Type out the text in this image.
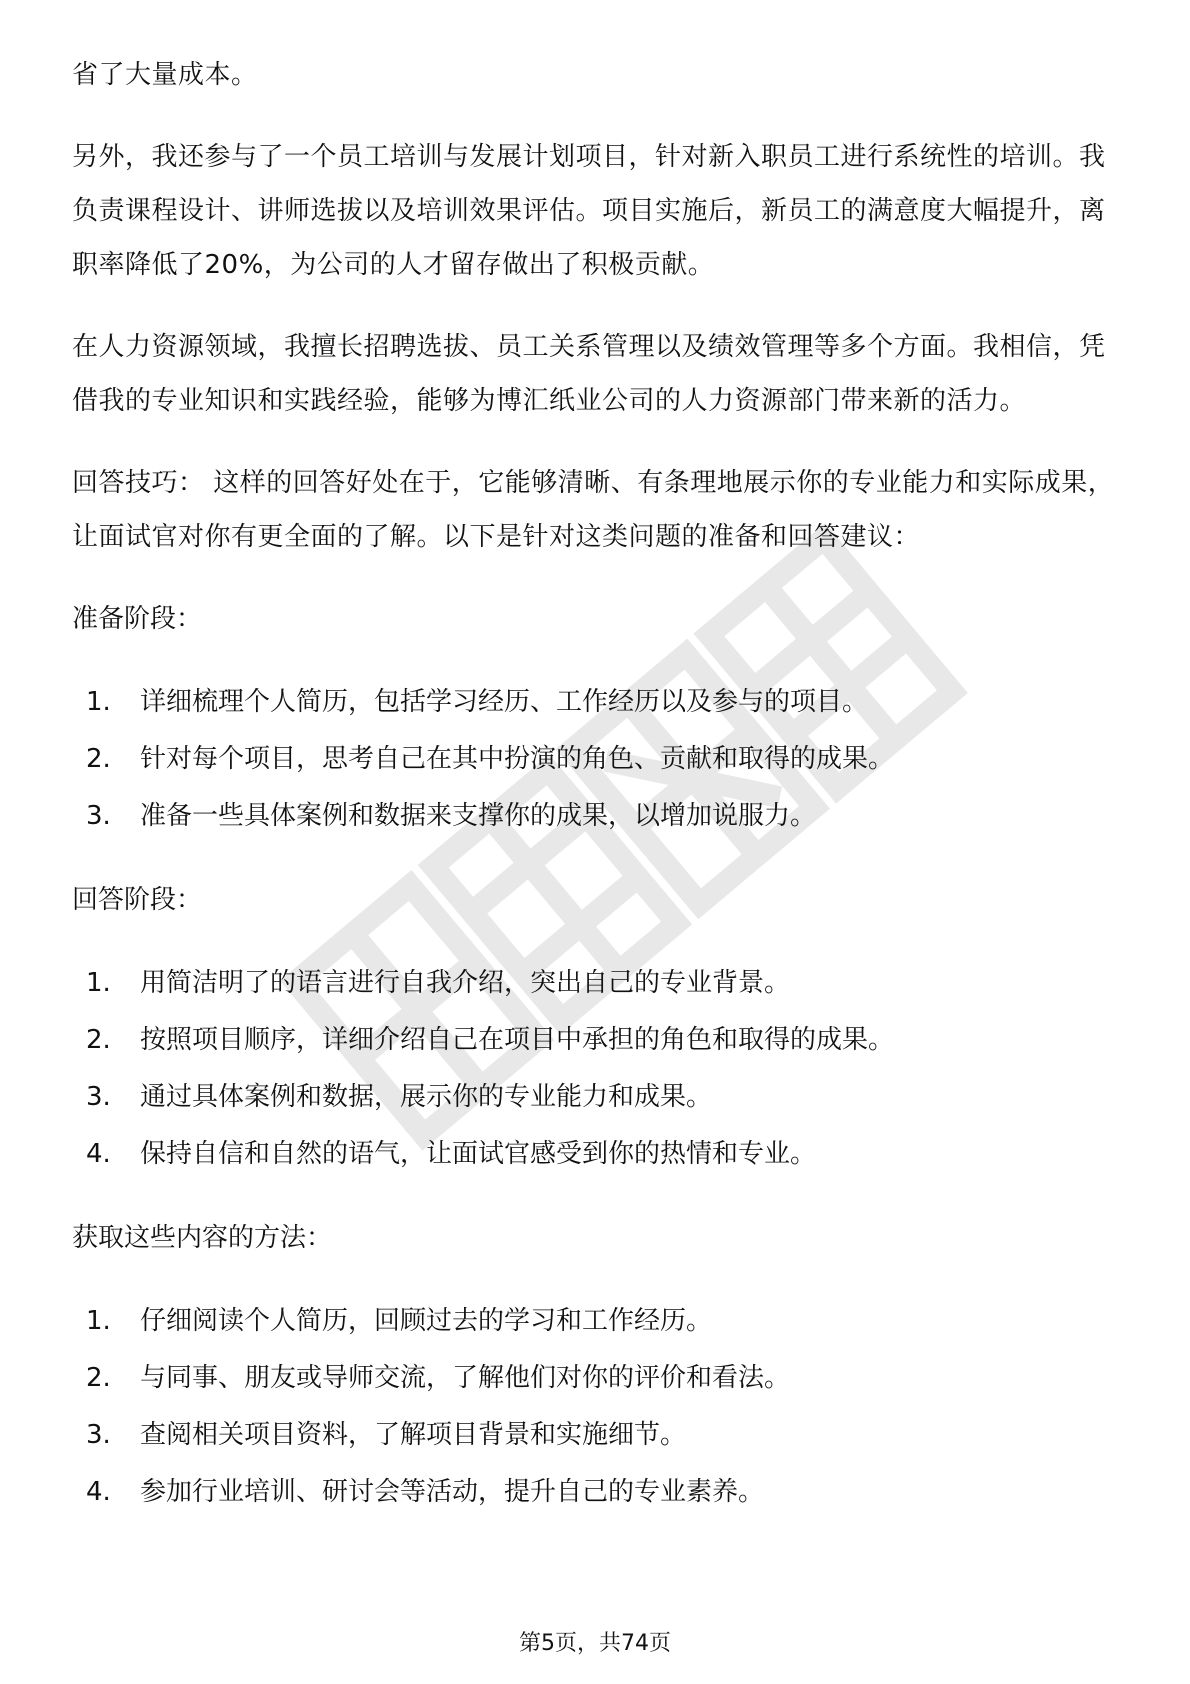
省了大量成本。

另外，我还参与了一个员工培训与发展计划项目，针对新入职员工进行系统性的培训。我负责课程设计、讲师选拔以及培训效果评估。项目实施后，新员工的满意度大幅提升，离职率降低了20%，为公司的人才留存做出了积极贡献。

在人力资源领域，我擅长招聘选拔、员工关系管理以及绩效管理等多个方面。我相信，凭借我的专业知识和实践经验，能够为博汇纸业公司的人力资源部门带来新的活力。

回答技巧： 这样的回答好处在于，它能够清晰、有条理地展示你的专业能力和实际成果，让面试官对你有更全面的了解。以下是针对这类问题的准备和回答建议：

准备阶段：
1.	详细梳理个人简历，包括学习经历、工作经历以及参与的项目。
2.	针对每个项目，思考自己在其中扮演的角色、贡献和取得的成果。
3.	准备一些具体案例和数据来支撑你的成果，以增加说服力。
回答阶段：
1.	用简洁明了的语言进行自我介绍，突出自己的专业背景。
2.	按照项目顺序，详细介绍自己在项目中承担的角色和取得的成果。
3.	通过具体案例和数据，展示你的专业能力和成果。
4.	保持自信和自然的语气，让面试官感受到你的热情和专业。
获取这些内容的方法：
1.	仔细阅读个人简历，回顾过去的学习和工作经历。
2.	与同事、朋友或导师交流，了解他们对你的评价和看法。
3.	查阅相关项目资料，了解项目背景和实施细节。
4.	参加行业培训、研讨会等活动，提升自己的专业素养。
第5页，共74页
